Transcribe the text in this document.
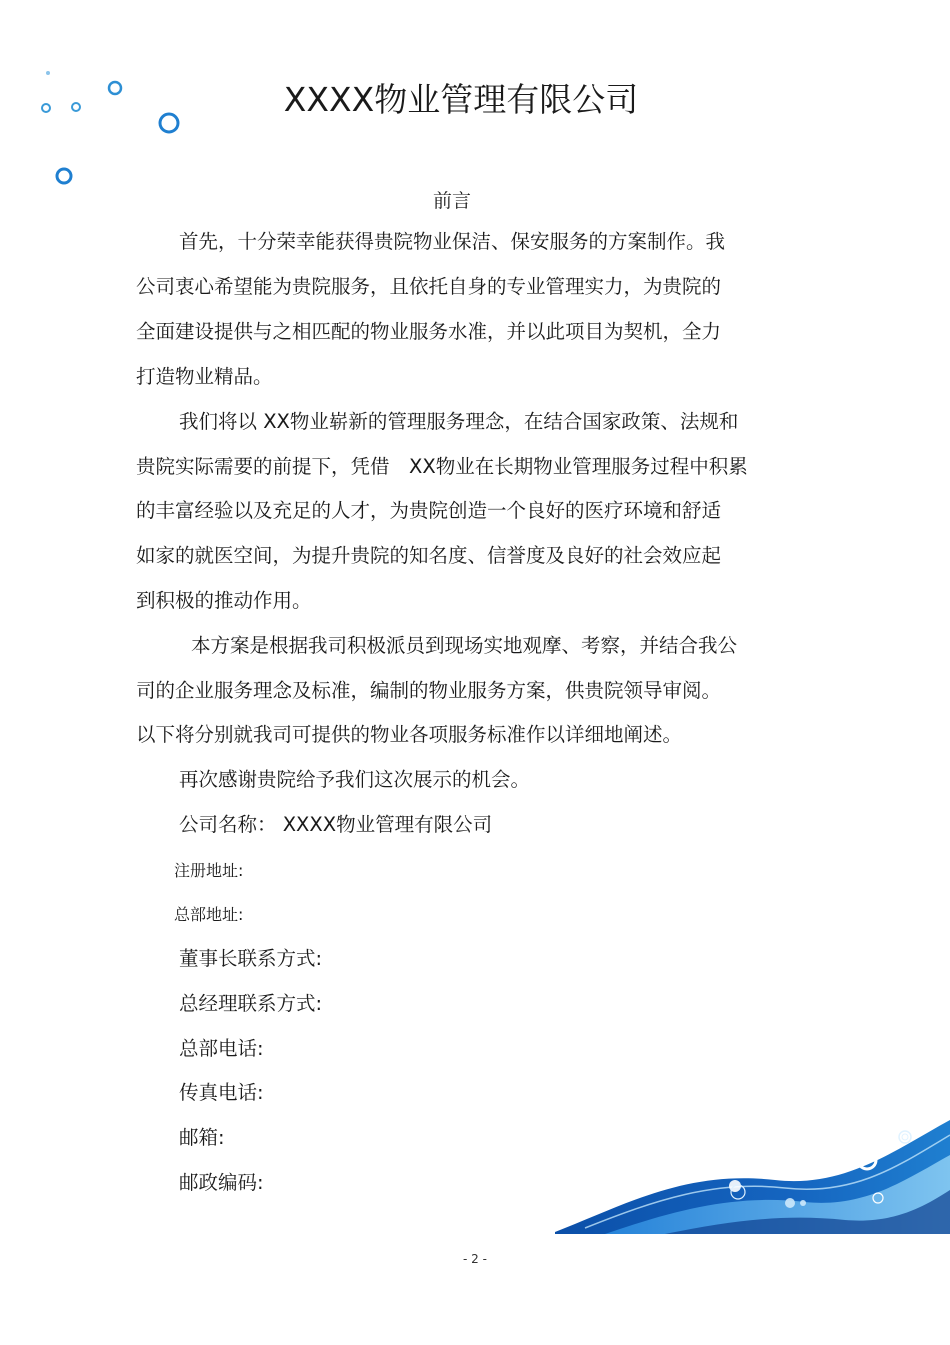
XXXX物业管理有限公司
前言
首先，十分荣幸能获得贵院物业保洁、保安服务的方案制作。我
公司衷心希望能为贵院服务，且依托自身的专业管理实力，为贵院的
全面建设提供与之相匹配的物业服务水准，并以此项目为契机，全力
打造物业精品。
我们将以 XX物业崭新的管理服务理念，在结合国家政策、法规和
贵院实际需要的前提下，凭借　XX物业在长期物业管理服务过程中积累
的丰富经验以及充足的人才，为贵院创造一个良好的医疗环境和舒适
如家的就医空间，为提升贵院的知名度、信誉度及良好的社会效应起
到积极的推动作用。
本方案是根据我司积极派员到现场实地观摩、考察，并结合我公
司的企业服务理念及标准，编制的物业服务方案，供贵院领导审阅。
以下将分别就我司可提供的物业各项服务标准作以详细地阐述。
再次感谢贵院给予我们这次展示的机会。
公司名称： XXXX物业管理有限公司
注册地址:
总部地址:
董事长联系方式:
总经理联系方式:
总部电话:
传真电话:
邮箱:
邮政编码:
- 2 -
